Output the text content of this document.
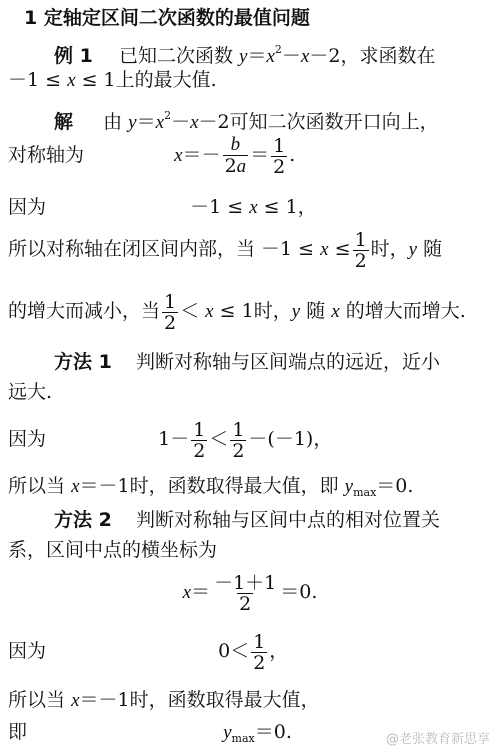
1 定轴定区间二次函数的最值问题
例 1 已知二次函数 $y=x^2-x-2$，求函数在
－1 ≤ x ≤ 1上的最大值.
解 由 $y=x^2-x-2$可知二次函数开口向上，
对称轴为	$x=- \frac{b}{2a} = \frac{1}{2}$ .
因为	－1 ≤ x ≤ 1，
所以对称轴在闭区间内部，当 $-1 \le x \le \frac{1}{2}$ 时，y 随
的增大而减小，当 $\frac{1}{2} < x \le 1$时，y 随 x 的增大而增大.
方法 1 判断对称轴与区间端点的远近，近小
远大.
因为	$1- \frac{1}{2} < \frac{1}{2} -(-1)$，
所以当 x＝－1时，函数取得最大值，即 $y_{max}=0$.
方法 2 判断对称轴与区间中点的相对位置关
系，区间中点的横坐标为
$x= \frac{-1+1}{2} =0$.
因为	$0< \frac{1}{2}$ ，
所以当 x＝－1时，函数取得最大值，
即	$y_{max}=0$.	@老张教育新思享
